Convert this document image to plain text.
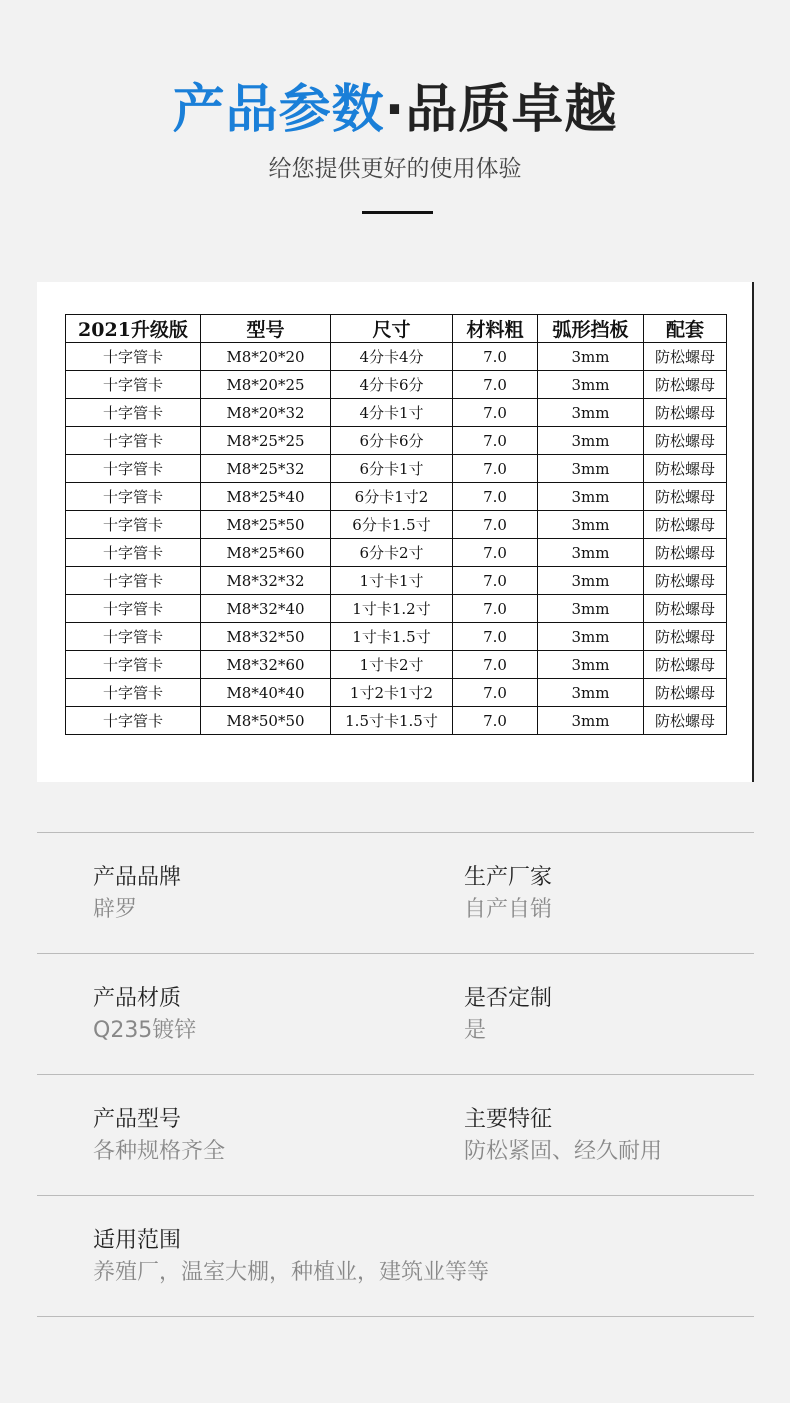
产品参数·品质卓越
给您提供更好的使用体验
2021升级版	型号	尺寸	材料粗	弧形挡板	配套
十字管卡	M8*20*20	4分卡4分	7.0	3mm	防松螺母
十字管卡	M8*20*25	4分卡6分	7.0	3mm	防松螺母
十字管卡	M8*20*32	4分卡1寸	7.0	3mm	防松螺母
十字管卡	M8*25*25	6分卡6分	7.0	3mm	防松螺母
十字管卡	M8*25*32	6分卡1寸	7.0	3mm	防松螺母
十字管卡	M8*25*40	6分卡1寸2	7.0	3mm	防松螺母
十字管卡	M8*25*50	6分卡1.5寸	7.0	3mm	防松螺母
十字管卡	M8*25*60	6分卡2寸	7.0	3mm	防松螺母
十字管卡	M8*32*32	1寸卡1寸	7.0	3mm	防松螺母
十字管卡	M8*32*40	1寸卡1.2寸	7.0	3mm	防松螺母
十字管卡	M8*32*50	1寸卡1.5寸	7.0	3mm	防松螺母
十字管卡	M8*32*60	1寸卡2寸	7.0	3mm	防松螺母
十字管卡	M8*40*40	1寸2卡1寸2	7.0	3mm	防松螺母
十字管卡	M8*50*50	1.5寸卡1.5寸	7.0	3mm	防松螺母
产品品牌
辟罗
生产厂家
自产自销
产品材质
Q235镀锌
是否定制
是
产品型号
各种规格齐全
主要特征
防松紧固、经久耐用
适用范围
养殖厂，温室大棚，种植业，建筑业等等
